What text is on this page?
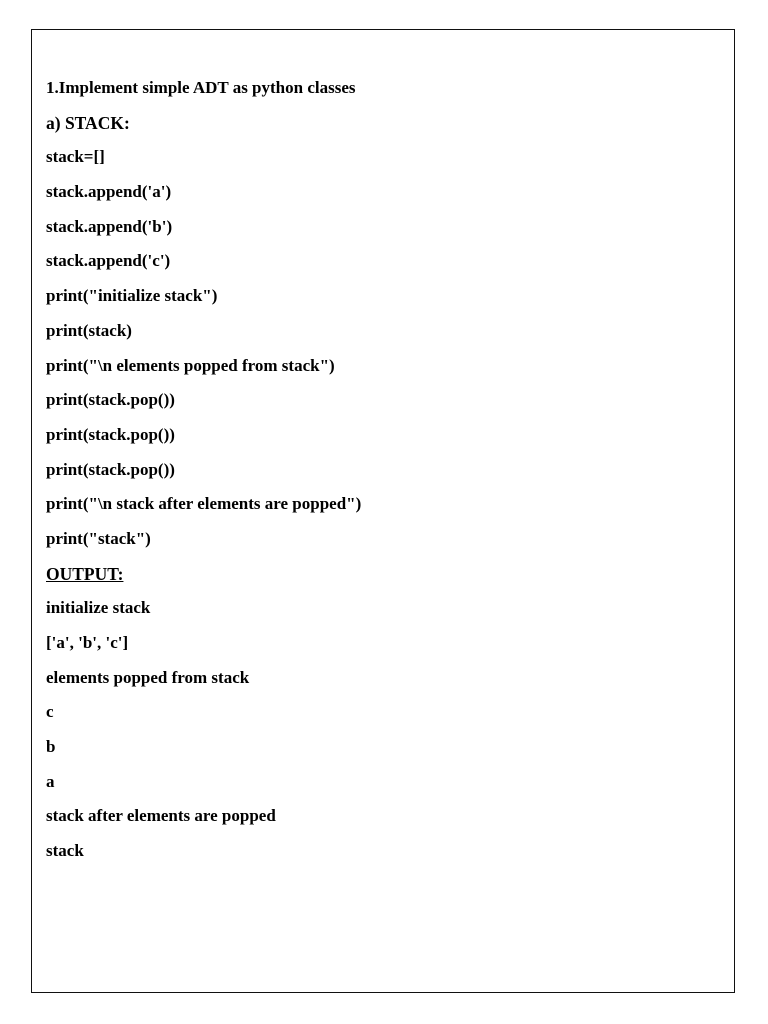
1.Implement simple ADT as python classes
a) STACK:
stack=[]
stack.append('a')
stack.append('b')
stack.append('c')
print("initialize stack")
print(stack)
print("\n elements popped from stack")
print(stack.pop())
print(stack.pop())
print(stack.pop())
print("\n stack after elements are popped")
print("stack")
OUTPUT:
initialize stack
['a', 'b', 'c']
elements popped from stack
c
b
a
stack after elements are popped
stack
